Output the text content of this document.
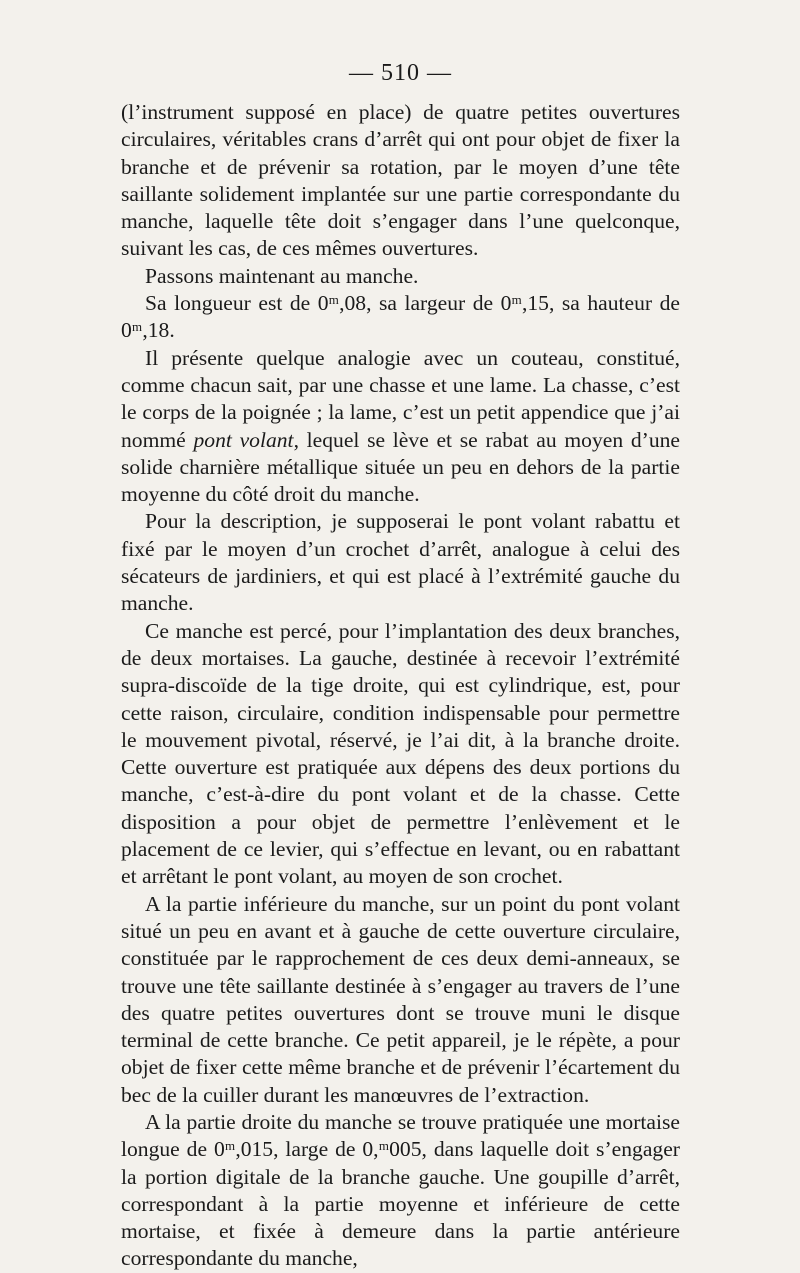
— 510 —

(l’instrument supposé en place) de quatre petites ouvertures circulaires, véritables crans d’arrêt qui ont pour objet de fixer la branche et de prévenir sa rotation, par le moyen d’une tête saillante solidement implantée sur une partie correspondante du manche, laquelle tête doit s’engager dans l’une quelconque, suivant les cas, de ces mêmes ouvertures.

Passons maintenant au manche.

Sa longueur est de 0ᵐ,08, sa largeur de 0ᵐ,15, sa hauteur de 0ᵐ,18.

Il présente quelque analogie avec un couteau, constitué, comme chacun sait, par une chasse et une lame. La chasse, c’est le corps de la poignée ; la lame, c’est un petit appendice que j’ai nommé pont volant, lequel se lève et se rabat au moyen d’une solide charnière métallique située un peu en dehors de la partie moyenne du côté droit du manche.

Pour la description, je supposerai le pont volant rabattu et fixé par le moyen d’un crochet d’arrêt, analogue à celui des sécateurs de jardiniers, et qui est placé à l’extrémité gauche du manche.

Ce manche est percé, pour l’implantation des deux branches, de deux mortaises. La gauche, destinée à recevoir l’extrémité supra-discoïde de la tige droite, qui est cylindrique, est, pour cette raison, circulaire, condition indispensable pour permettre le mouvement pivotal, réservé, je l’ai dit, à la branche droite. Cette ouverture est pratiquée aux dépens des deux portions du manche, c’est-à-dire du pont volant et de la chasse. Cette disposition a pour objet de permettre l’enlèvement et le placement de ce levier, qui s’effectue en levant, ou en rabattant et arrêtant le pont volant, au moyen de son crochet.

A la partie inférieure du manche, sur un point du pont volant situé un peu en avant et à gauche de cette ouverture circulaire, constituée par le rapprochement de ces deux demi-anneaux, se trouve une tête saillante destinée à s’engager au travers de l’une des quatre petites ouvertures dont se trouve muni le disque terminal de cette branche. Ce petit appareil, je le répète, a pour objet de fixer cette même branche et de prévenir l’écartement du bec de la cuiller durant les manœuvres de l’extraction.

A la partie droite du manche se trouve pratiquée une mortaise longue de 0ᵐ,015, large de 0,ᵐ005, dans laquelle doit s’engager la portion digitale de la branche gauche. Une goupille d’arrêt, correspondant à la partie moyenne et inférieure de cette mortaise, et fixée à demeure dans la partie antérieure correspondante du manche,
